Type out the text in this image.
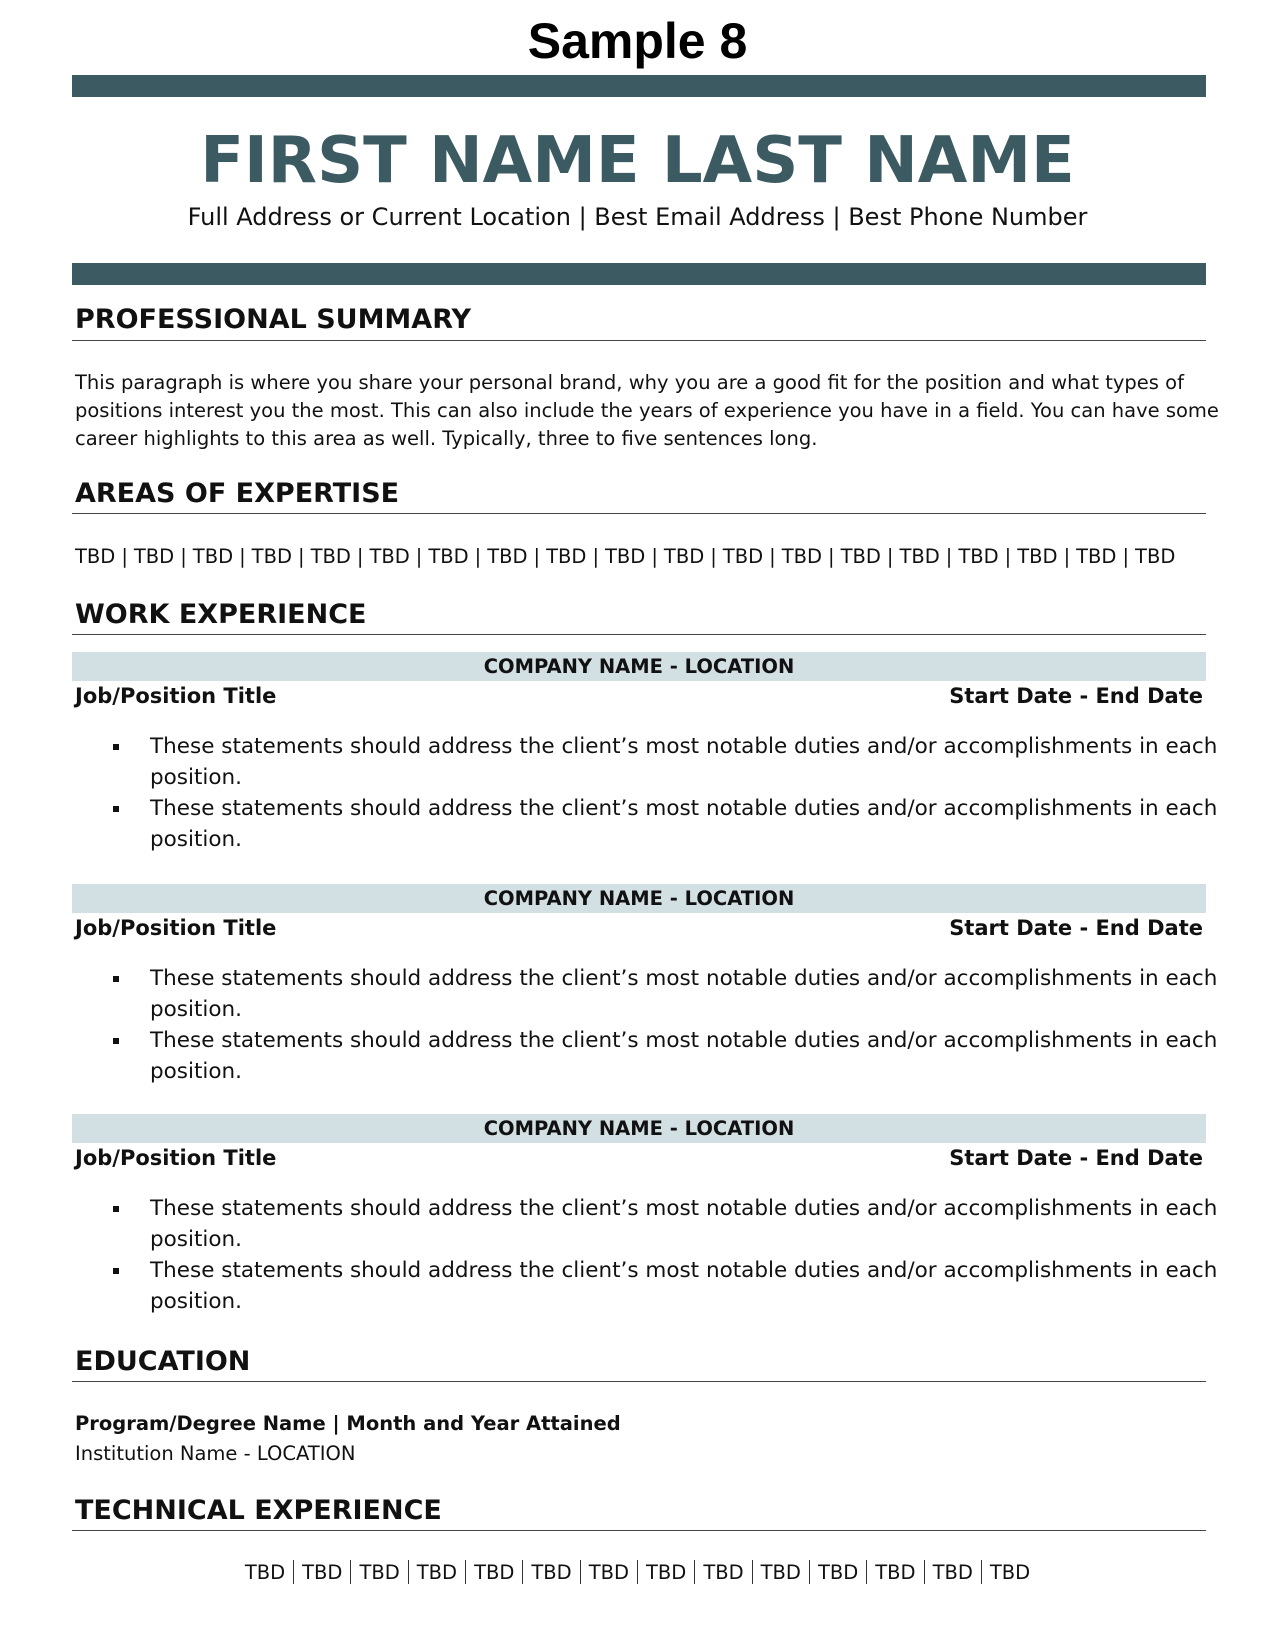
Sample 8
FIRST NAME LAST NAME
Full Address or Current Location | Best Email Address | Best Phone Number
PROFESSIONAL SUMMARY
This paragraph is where you share your personal brand, why you are a good fit for the position and what types of
positions interest you the most. This can also include the years of experience you have in a field. You can have some
career highlights to this area as well. Typically, three to five sentences long.
AREAS OF EXPERTISE
TBD | TBD | TBD | TBD | TBD | TBD | TBD | TBD | TBD | TBD | TBD | TBD | TBD | TBD | TBD | TBD | TBD | TBD | TBD
WORK EXPERIENCE
COMPANY NAME - LOCATION
Job/Position Title	Start Date - End Date
These statements should address the client’s most notable duties and/or accomplishments in each
position.
These statements should address the client’s most notable duties and/or accomplishments in each
position.
COMPANY NAME - LOCATION
Job/Position Title	Start Date - End Date
These statements should address the client’s most notable duties and/or accomplishments in each
position.
These statements should address the client’s most notable duties and/or accomplishments in each
position.
COMPANY NAME - LOCATION
Job/Position Title	Start Date - End Date
These statements should address the client’s most notable duties and/or accomplishments in each
position.
These statements should address the client’s most notable duties and/or accomplishments in each
position.
EDUCATION
Program/Degree Name | Month and Year Attained
Institution Name - LOCATION
TECHNICAL EXPERIENCE
TBD TBD TBD TBD TBD TBD TBD TBD TBD TBD TBD TBD TBD TBD
